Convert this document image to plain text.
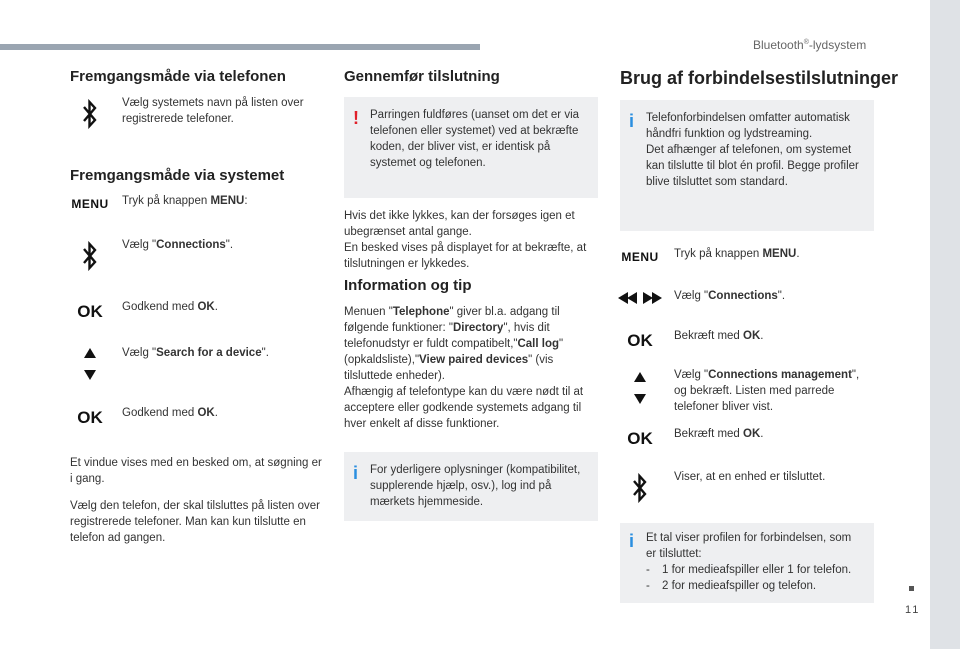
Bluetooth®-lydsystem
11
Fremgangsmåde via telefonen
Vælg systemets navn på listen over registrerede telefoner.
Fremgangsmåde via systemet
MENU	Tryk på knappen MENU:
Vælg "Connections".
OK	Godkend med OK.
Vælg "Search for a device".
OK	Godkend med OK.
Et vindue vises med en besked om, at søgning er i gang.
Vælg den telefon, der skal tilsluttes på listen over registrerede telefoner. Man kan kun tilslutte en telefon ad gangen.
Gennemfør tilslutning
! Parringen fuldføres (uanset om det er via telefonen eller systemet) ved at bekræfte koden, der bliver vist, er identisk på systemet og telefonen.
Hvis det ikke lykkes, kan der forsøges igen et ubegrænset antal gange.
En besked vises på displayet for at bekræfte, at tilslutningen er lykkedes.
Information og tip
Menuen "Telephone" giver bl.a. adgang til følgende funktioner: "Directory", hvis dit telefonudstyr er fuldt compatibelt,"Call log" (opkaldsliste),"View paired devices" (vis tilsluttede enheder).
Afhængig af telefontype kan du være nødt til at acceptere eller godkende systemets adgang til hver enkelt af disse funktioner.
i For yderligere oplysninger (kompatibilitet, supplerende hjælp, osv.), log ind på mærkets hjemmeside.
Brug af forbindelsestilslutninger
i Telefonforbindelsen omfatter automatisk håndfri funktion og lydstreaming.
Det afhænger af telefonen, om systemet kan tilslutte til blot én profil. Begge profiler blive tilsluttet som standard.
MENU	Tryk på knappen MENU.
Vælg "Connections".
OK	Bekræft med OK.
Vælg "Connections management", og bekræft. Listen med parrede telefoner bliver vist.
OK	Bekræft med OK.
Viser, at en enhed er tilsluttet.
i Et tal viser profilen for forbindelsen, som er tilsluttet:
-	1 for medieafspiller eller 1 for telefon.
-	2 for medieafspiller og telefon.
